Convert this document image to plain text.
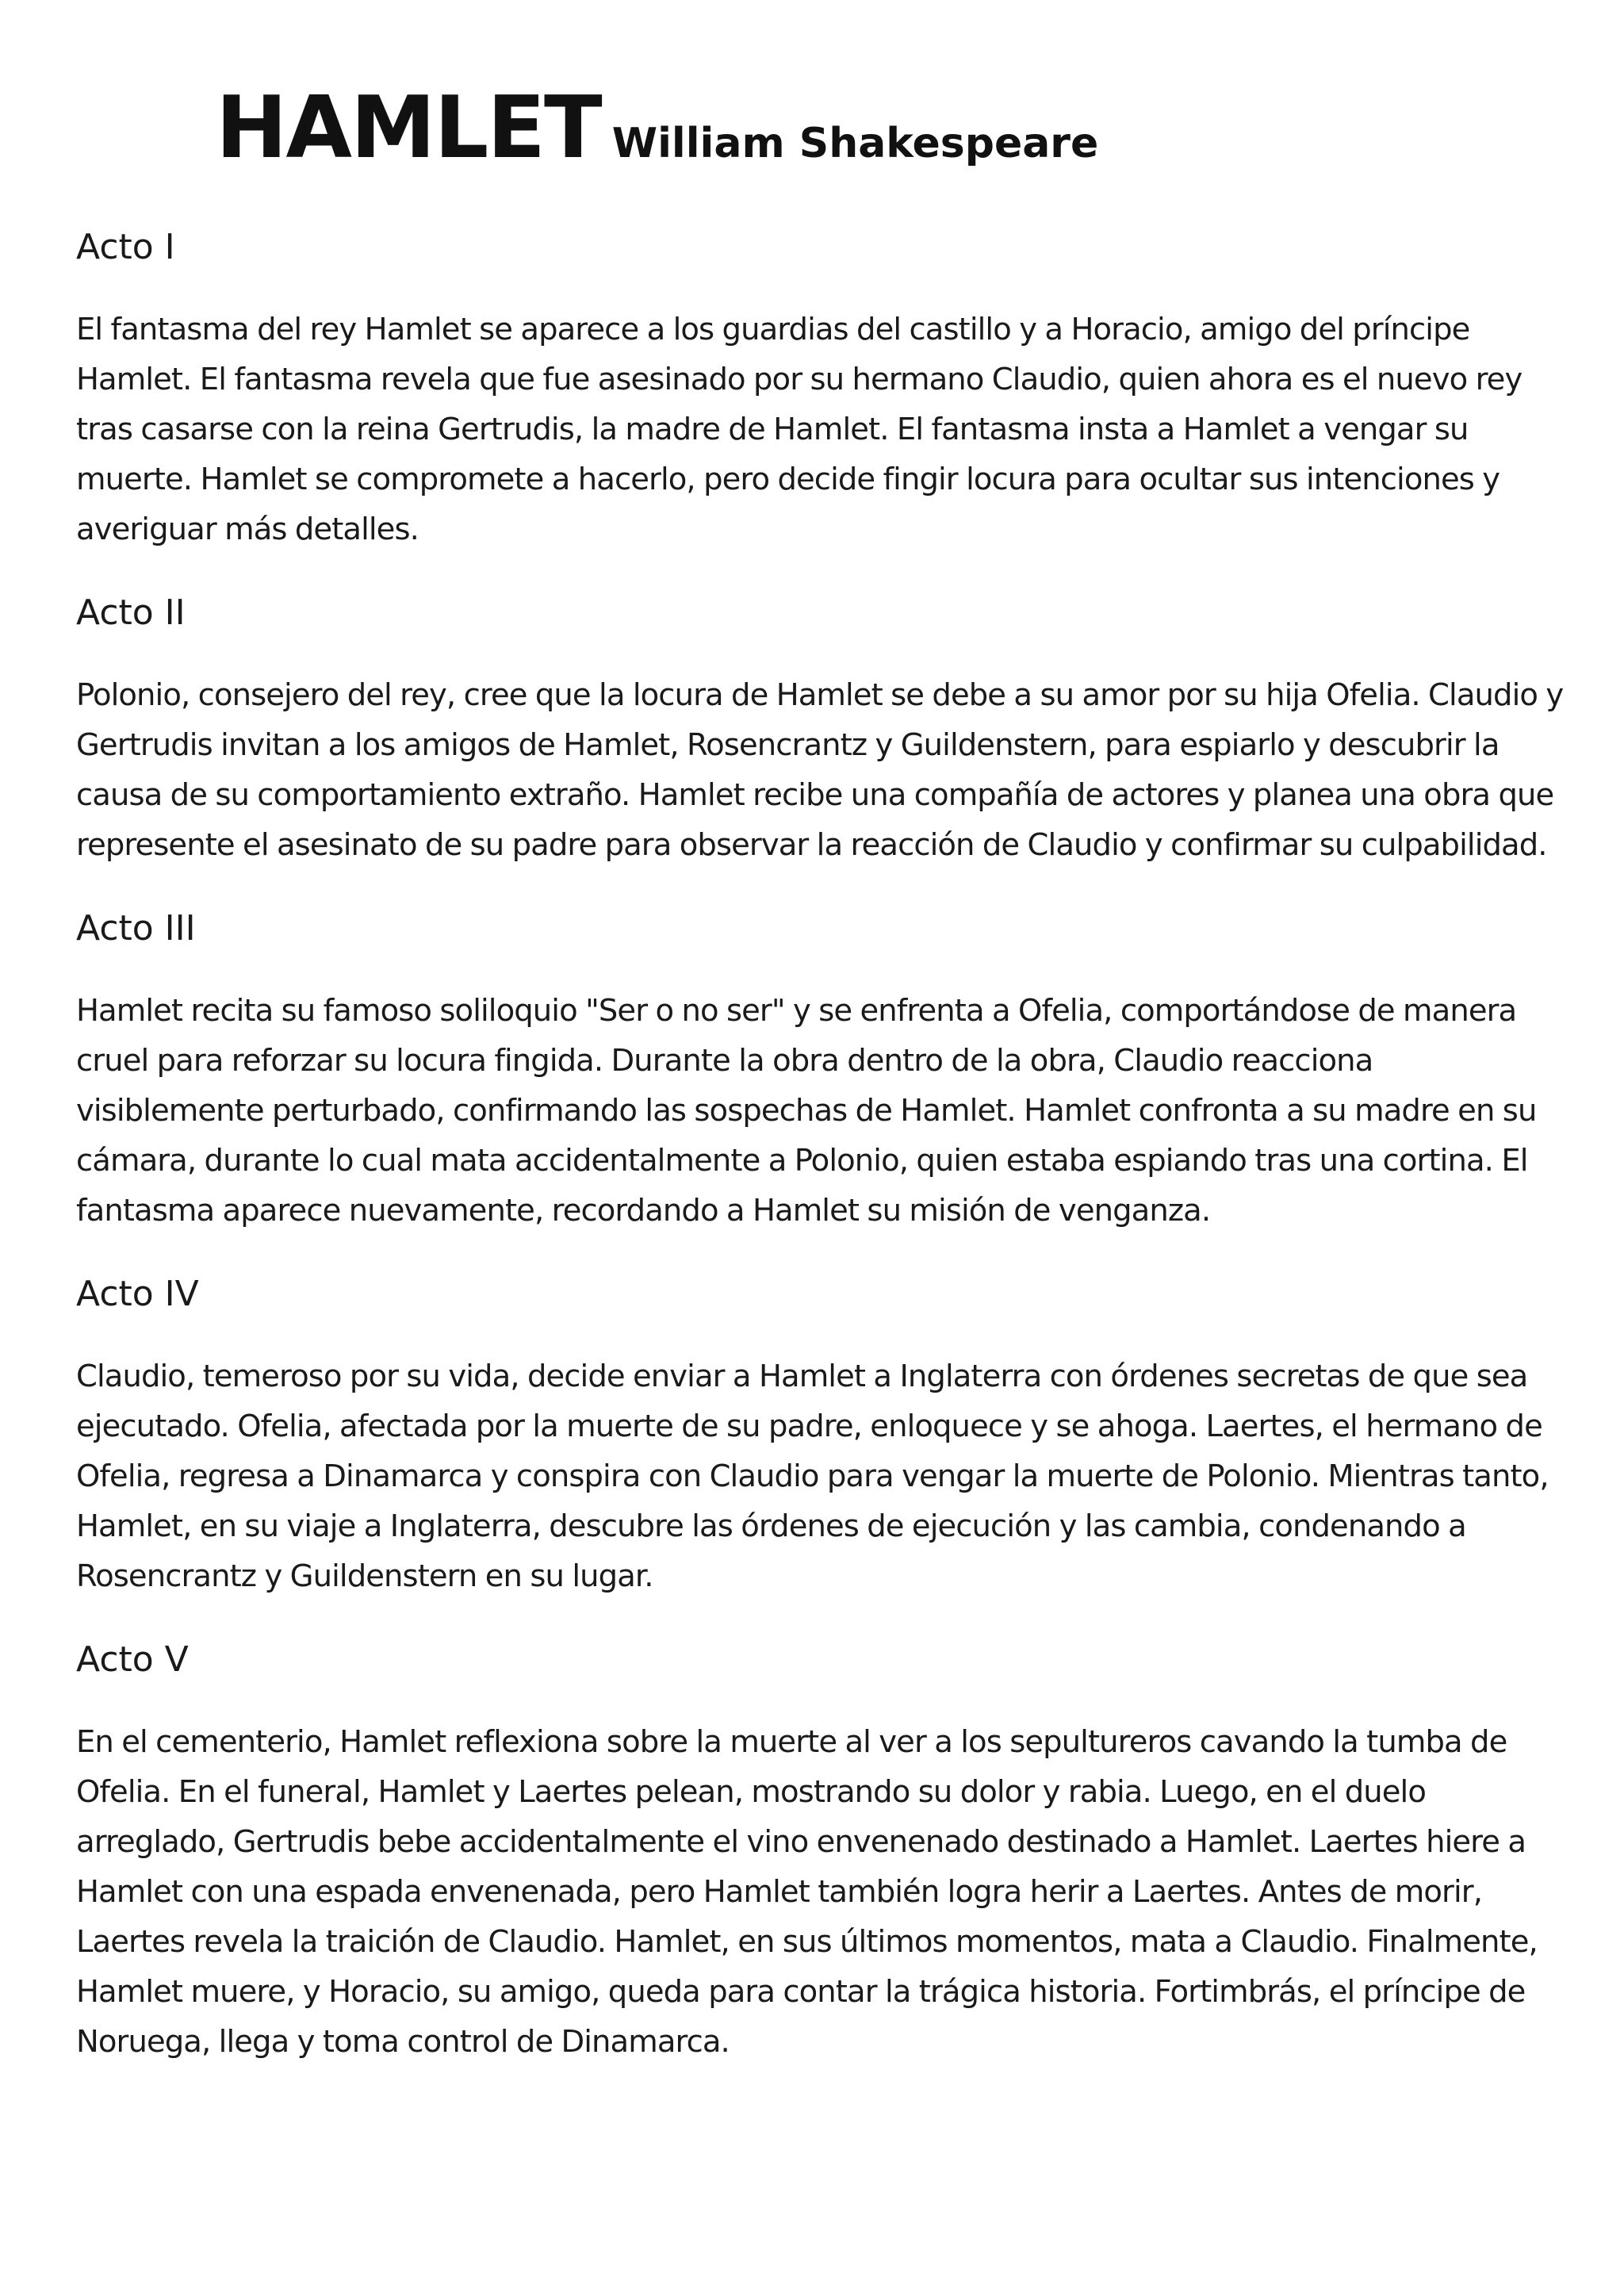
HAMLET William Shakespeare
Acto I

El fantasma del rey Hamlet se aparece a los guardias del castillo y a Horacio, amigo del príncipe Hamlet. El fantasma revela que fue asesinado por su hermano Claudio, quien ahora es el nuevo rey tras casarse con la reina Gertrudis, la madre de Hamlet. El fantasma insta a Hamlet a vengar su muerte. Hamlet se compromete a hacerlo, pero decide fingir locura para ocultar sus intenciones y averiguar más detalles.

Acto II

Polonio, consejero del rey, cree que la locura de Hamlet se debe a su amor por su hija Ofelia. Claudio y Gertrudis invitan a los amigos de Hamlet, Rosencrantz y Guildenstern, para espiarlo y descubrir la causa de su comportamiento extraño. Hamlet recibe una compañía de actores y planea una obra que represente el asesinato de su padre para observar la reacción de Claudio y confirmar su culpabilidad.

Acto III

Hamlet recita su famoso soliloquio "Ser o no ser" y se enfrenta a Ofelia, comportándose de manera cruel para reforzar su locura fingida. Durante la obra dentro de la obra, Claudio reacciona visiblemente perturbado, confirmando las sospechas de Hamlet. Hamlet confronta a su madre en su cámara, durante lo cual mata accidentalmente a Polonio, quien estaba espiando tras una cortina. El fantasma aparece nuevamente, recordando a Hamlet su misión de venganza.

Acto IV

Claudio, temeroso por su vida, decide enviar a Hamlet a Inglaterra con órdenes secretas de que sea ejecutado. Ofelia, afectada por la muerte de su padre, enloquece y se ahoga. Laertes, el hermano de Ofelia, regresa a Dinamarca y conspira con Claudio para vengar la muerte de Polonio. Mientras tanto, Hamlet, en su viaje a Inglaterra, descubre las órdenes de ejecución y las cambia, condenando a Rosencrantz y Guildenstern en su lugar.

Acto V

En el cementerio, Hamlet reflexiona sobre la muerte al ver a los sepultureros cavando la tumba de Ofelia. En el funeral, Hamlet y Laertes pelean, mostrando su dolor y rabia. Luego, en el duelo arreglado, Gertrudis bebe accidentalmente el vino envenenado destinado a Hamlet. Laertes hiere a Hamlet con una espada envenenada, pero Hamlet también logra herir a Laertes. Antes de morir, Laertes revela la traición de Claudio. Hamlet, en sus últimos momentos, mata a Claudio. Finalmente, Hamlet muere, y Horacio, su amigo, queda para contar la trágica historia. Fortimbrás, el príncipe de Noruega, llega y toma control de Dinamarca.
